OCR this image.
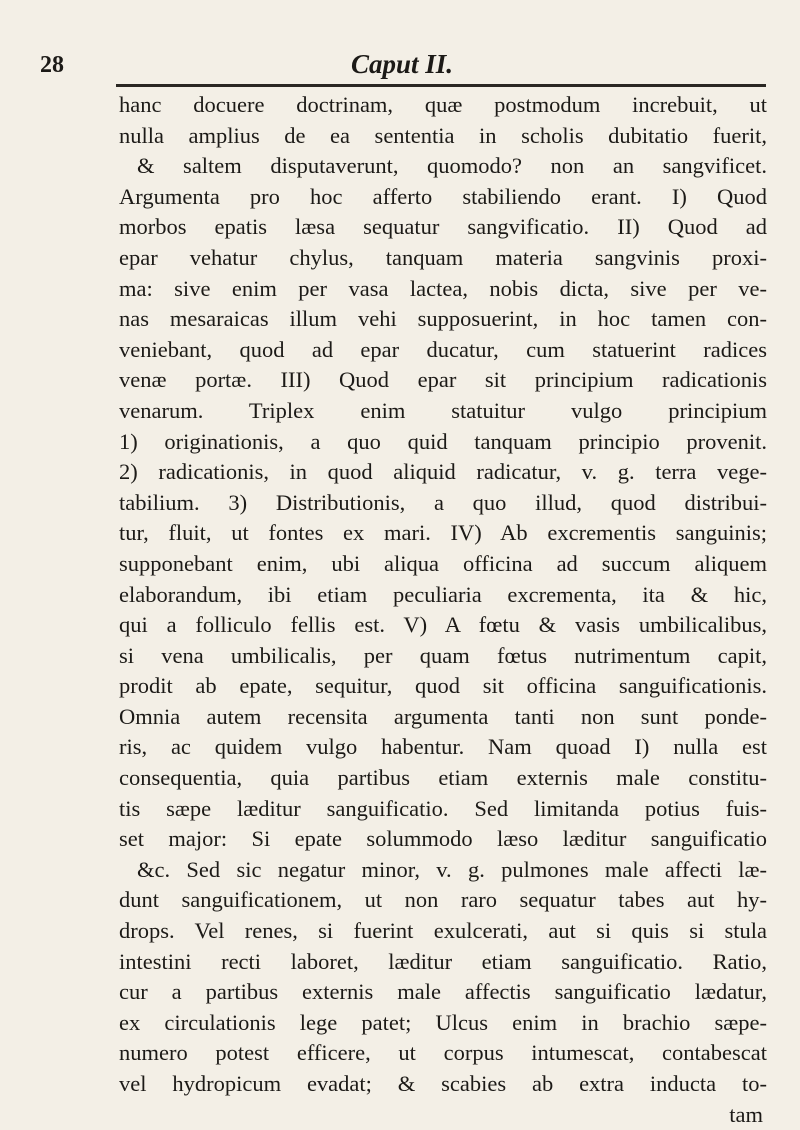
28	Caput II.
hanc docuere doctrinam, quæ postmodum increbuit, ut
nulla amplius de ea sententia in scholis dubitatio fuerit,
& saltem disputaverunt, quomodo? non an sangvificet.
Argumenta pro hoc afferto stabiliendo erant. I) Quod
morbos epatis læsa sequatur sangvificatio. II) Quod ad
epar vehatur chylus, tanquam materia sangvinis proxi-
ma: sive enim per vasa lactea, nobis dicta, sive per ve-
nas mesaraicas illum vehi supposuerint, in hoc tamen con-
veniebant, quod ad epar ducatur, cum statuerint radices
venæ portæ. III) Quod epar sit principium radicationis
venarum. Triplex enim statuitur vulgo principium
1) originationis, a quo quid tanquam principio provenit.
2) radicationis, in quod aliquid radicatur, v. g. terra vege-
tabilium. 3) Distributionis, a quo illud, quod distribui-
tur, fluit, ut fontes ex mari. IV) Ab excrementis sanguinis;
supponebant enim, ubi aliqua officina ad succum aliquem
elaborandum, ibi etiam peculiaria excrementa, ita & hic,
qui a folliculo fellis est. V) A fœtu & vasis umbilicalibus,
si vena umbilicalis, per quam fœtus nutrimentum capit,
prodit ab epate, sequitur, quod sit officina sanguificationis.
Omnia autem recensita argumenta tanti non sunt ponde-
ris, ac quidem vulgo habentur. Nam quoad I) nulla est
consequentia, quia partibus etiam externis male constitu-
tis sæpe læditur sanguificatio. Sed limitanda potius fuis-
set major: Si epate solummodo læso læditur sanguificatio
&c. Sed sic negatur minor, v. g. pulmones male affecti læ-
dunt sanguificationem, ut non raro sequatur tabes aut hy-
drops. Vel renes, si fuerint exulcerati, aut si quis si stula
intestini recti laboret, læditur etiam sanguificatio. Ratio,
cur a partibus externis male affectis sanguificatio lædatur,
ex circulationis lege patet; Ulcus enim in brachio sæpe-
numero potest efficere, ut corpus intumescat, contabescat
vel hydropicum evadat; & scabies ab extra inducta to-
tam
